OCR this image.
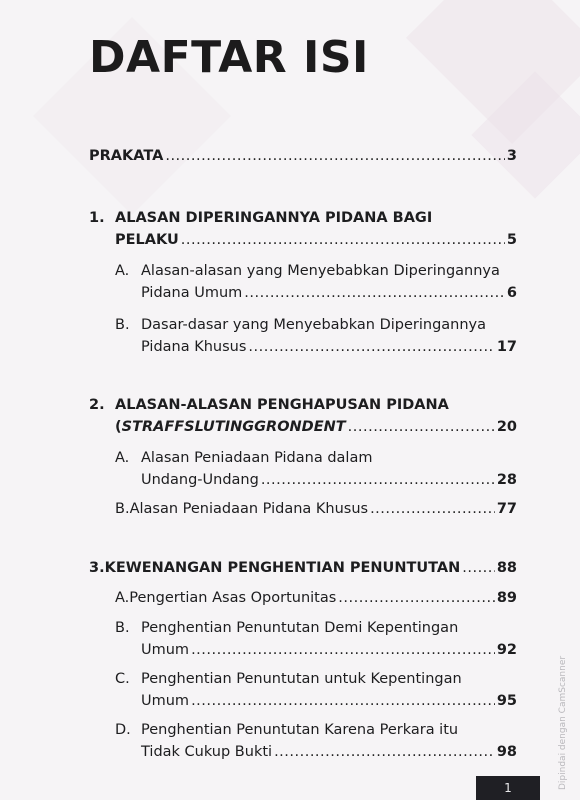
DAFTAR ISI
PRAKATA .....	3
1. ALASAN DIPERINGANNYA PIDANA BAGI
PELAKU .....	5
A. Alasan-alasan yang Menyebabkan Diperingannya
Pidana Umum .....	6
B. Dasar-dasar yang Menyebabkan Diperingannya
Pidana Khusus .....	17
2. ALASAN-ALASAN PENGHAPUSAN PIDANA
( STRAFFSLUTINGGRONDENT .....	20
A. Alasan Peniadaan Pidana dalam
Undang-Undang .....	28
B. Alasan Peniadaan Pidana Khusus .....	77
3. KEWENANGAN PENGHENTIAN PENUNTUTAN .....	88
A. Pengertian Asas Oportunitas .....	89
B. Penghentian Penuntutan Demi Kepentingan
Umum .....	92
C. Penghentian Penuntutan untuk Kepentingan
Umum .....	95
D. Penghentian Penuntutan Karena Perkara itu
Tidak Cukup Bukti .....	98
1	Dipindai dengan CamScanner
